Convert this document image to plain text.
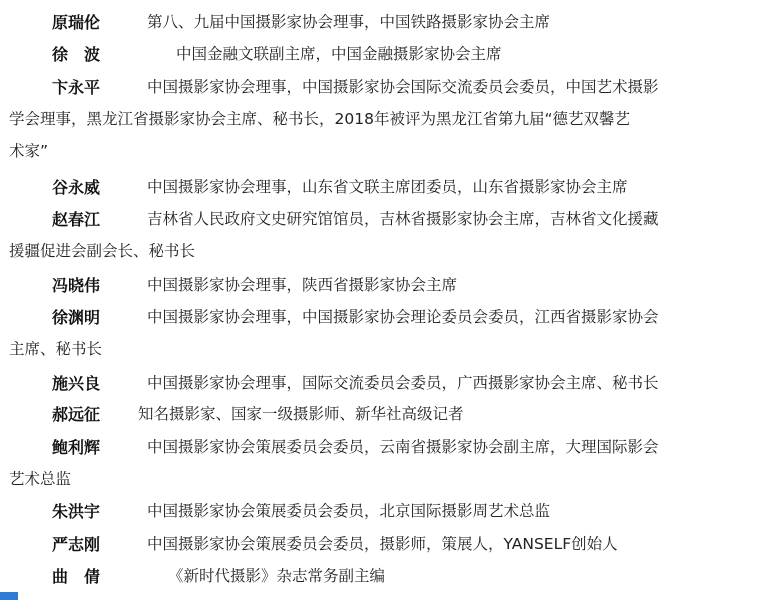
原瑞伦	第八、九届中国摄影家协会理事，中国铁路摄影家协会主席
徐　波	中国金融文联副主席，中国金融摄影家协会主席
卞永平	中国摄影家协会理事，中国摄影家协会国际交流委员会委员，中国艺术摄影
学会理事，黑龙江省摄影家协会主席、秘书长，2018年被评为黑龙江省第九届“德艺双馨艺
术家”
谷永威	中国摄影家协会理事，山东省文联主席团委员，山东省摄影家协会主席
赵春江	吉林省人民政府文史研究馆馆员，吉林省摄影家协会主席，吉林省文化援藏
援疆促进会副会长、秘书长
冯晓伟	中国摄影家协会理事，陕西省摄影家协会主席
徐渊明	中国摄影家协会理事，中国摄影家协会理论委员会委员，江西省摄影家协会
主席、秘书长
施兴良	中国摄影家协会理事，国际交流委员会委员，广西摄影家协会主席、秘书长
郝远征 知名摄影家、国家一级摄影师、新华社高级记者
鲍利辉	中国摄影家协会策展委员会委员，云南省摄影家协会副主席，大理国际影会
艺术总监
朱洪宇	中国摄影家协会策展委员会委员，北京国际摄影周艺术总监
严志刚	中国摄影家协会策展委员会委员，摄影师，策展人，YANSELF创始人
曲　倩	《新时代摄影》杂志常务副主编
